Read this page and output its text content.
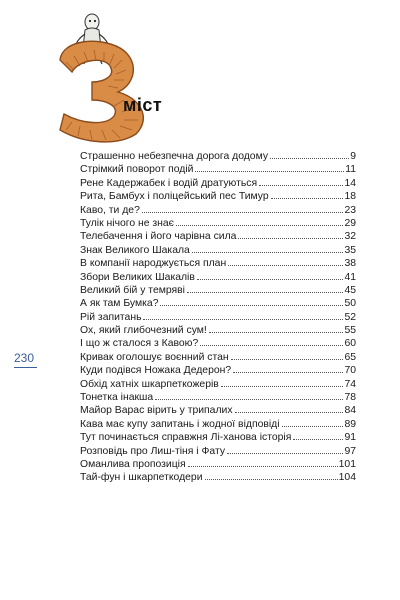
міст
230
Страшенно небезпечна дорога додому	9
Стрімкий поворот подій	11
Рене Кадержабек і водій дратуються	14
Рита, Бамбух і поліцейський пес Тимур	18
Каво, ти де?	23
Тулік нічого не знає	29
Телебачення і його чарівна сила	32
Знак Великого Шакала	35
В компанії народжується план	38
Збори Великих Шакалів	41
Великий бій у темряві	45
А як там Бумка?	50
Рій запитань	52
Ох, який глибочезний сум!	55
І що ж сталося з Кавою?	60
Кривак оголошує воєнний стан	65
Куди подівся Ножака Дедерон?	70
Обхід хатніх шкарпеткожерів	74
Тонетка інакша	78
Майор Варас вірить у трипалих	84
Кава має купу запитань і жодної відповіді	89
Тут починається справжня Лі-ханова історія	91
Розповідь про Лиш-тіня і Фату	97
Оманлива пропозиція	101
Тай-фун і шкарпеткодери	104
